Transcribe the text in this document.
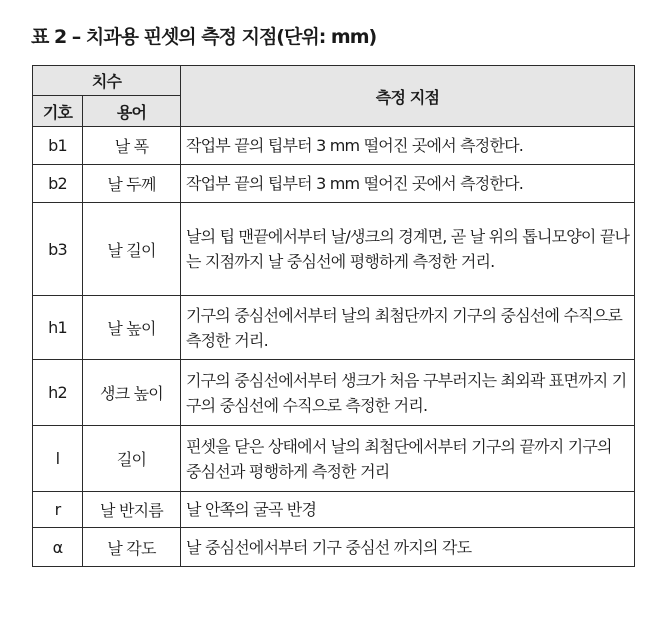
표 2 – 치과용 핀셋의 측정 지점(단위: mm)
치수		측정 지점
기호	용어	
b1	날 폭	작업부 끝의 팁부터 3 mm 떨어진 곳에서 측정한다.
b2	날 두께	작업부 끝의 팁부터 3 mm 떨어진 곳에서 측정한다.
b3	날 길이	날의 팁 맨끝에서부터 날/생크의 경계면, 곧 날 위의 톱니모양이 끝나는 지점까지 날 중심선에 평행하게 측정한 거리.
h1	날 높이	기구의 중심선에서부터 날의 최첨단까지 기구의 중심선에 수직으로 측정한 거리.
h2	생크 높이	기구의 중심선에서부터 생크가 처음 구부러지는 최외곽 표면까지 기구의 중심선에 수직으로 측정한 거리.
l	길이	핀셋을 닫은 상태에서 날의 최첨단에서부터 기구의 끝까지 기구의 중심선과 평행하게 측정한 거리
r	날 반지름	날 안쪽의 굴곡 반경
α	날 각도	날 중심선에서부터 기구 중심선 까지의 각도
